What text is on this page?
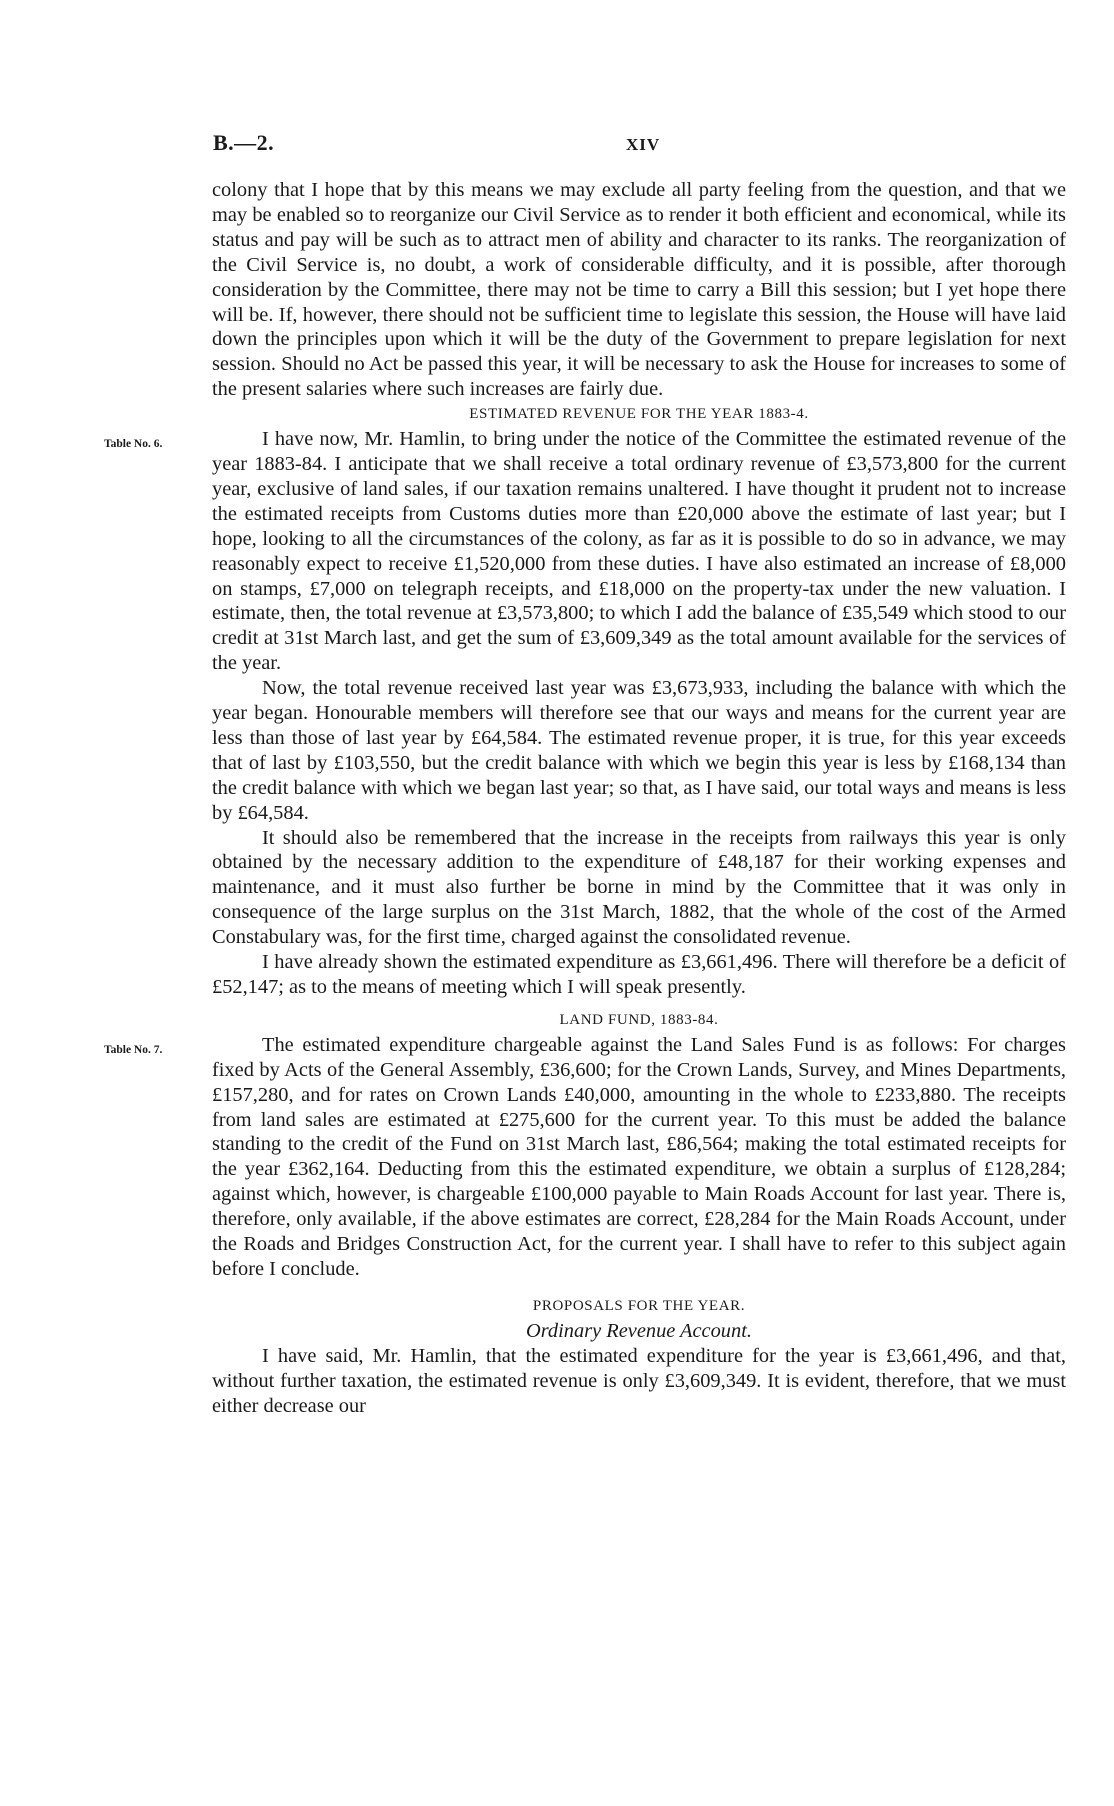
B.—2.	XIV

colony that I hope that by this means we may exclude all party feeling from the question, and that we may be enabled so to reorganize our Civil Service as to render it both efficient and economical, while its status and pay will be such as to attract men of ability and character to its ranks. The reorganization of the Civil Service is, no doubt, a work of considerable difficulty, and it is possible, after thorough consideration by the Committee, there may not be time to carry a Bill this session; but I yet hope there will be. If, however, there should not be sufficient time to legislate this session, the House will have laid down the principles upon which it will be the duty of the Government to prepare legislation for next session. Should no Act be passed this year, it will be necessary to ask the House for increases to some of the present salaries where such increases are fairly due.

ESTIMATED REVENUE FOR THE YEAR 1883-4.

Table No. 6.	I have now, Mr. Hamlin, to bring under the notice of the Committee the estimated revenue of the year 1883-84. I anticipate that we shall receive a total ordinary revenue of £3,573,800 for the current year, exclusive of land sales, if our taxation remains unaltered. I have thought it prudent not to increase the estimated receipts from Customs duties more than £20,000 above the estimate of last year; but I hope, looking to all the circumstances of the colony, as far as it is possible to do so in advance, we may reasonably expect to receive £1,520,000 from these duties. I have also estimated an increase of £8,000 on stamps, £7,000 on telegraph receipts, and £18,000 on the property-tax under the new valuation. I estimate, then, the total revenue at £3,573,800; to which I add the balance of £35,549 which stood to our credit at 31st March last, and get the sum of £3,609,349 as the total amount available for the services of the year.

Now, the total revenue received last year was £3,673,933, including the balance with which the year began. Honourable members will therefore see that our ways and means for the current year are less than those of last year by £64,584. The estimated revenue proper, it is true, for this year exceeds that of last by £103,550, but the credit balance with which we begin this year is less by £168,134 than the credit balance with which we began last year; so that, as I have said, our total ways and means is less by £64,584.

It should also be remembered that the increase in the receipts from railways this year is only obtained by the necessary addition to the expenditure of £48,187 for their working expenses and maintenance, and it must also further be borne in mind by the Committee that it was only in consequence of the large surplus on the 31st March, 1882, that the whole of the cost of the Armed Constabulary was, for the first time, charged against the consolidated revenue.

I have already shown the estimated expenditure as £3,661,496. There will therefore be a deficit of £52,147; as to the means of meeting which I will speak presently.

LAND FUND, 1883-84.

Table No. 7.	The estimated expenditure chargeable against the Land Sales Fund is as follows: For charges fixed by Acts of the General Assembly, £36,600; for the Crown Lands, Survey, and Mines Departments, £157,280, and for rates on Crown Lands £40,000, amounting in the whole to £233,880. The receipts from land sales are estimated at £275,600 for the current year. To this must be added the balance standing to the credit of the Fund on 31st March last, £86,564; making the total estimated receipts for the year £362,164. Deducting from this the estimated expenditure, we obtain a surplus of £128,284; against which, however, is chargeable £100,000 payable to Main Roads Account for last year. There is, therefore, only available, if the above estimates are correct, £28,284 for the Main Roads Account, under the Roads and Bridges Construction Act, for the current year. I shall have to refer to this subject again before I conclude.

PROPOSALS FOR THE YEAR.

Ordinary Revenue Account.

I have said, Mr. Hamlin, that the estimated expenditure for the year is £3,661,496, and that, without further taxation, the estimated revenue is only £3,609,349. It is evident, therefore, that we must either decrease our
